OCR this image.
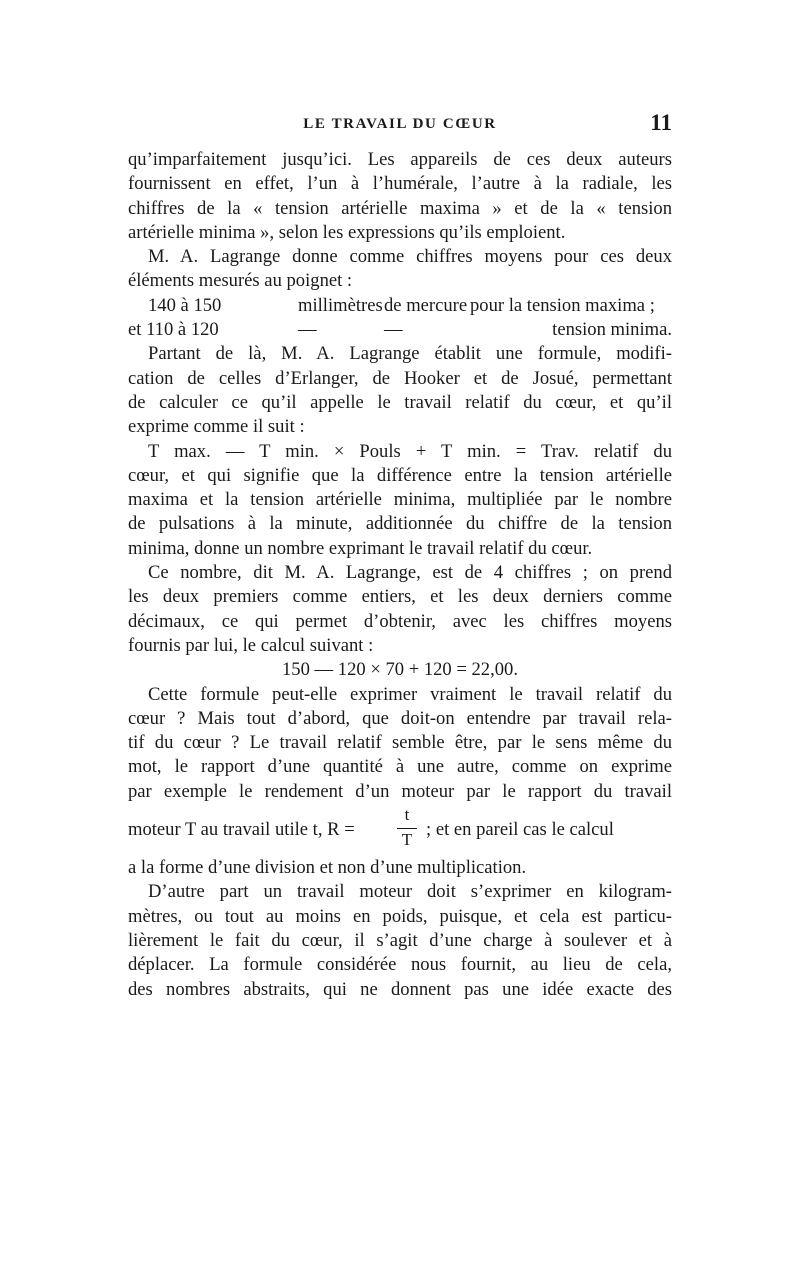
LE TRAVAIL DU CŒUR	11
qu’imparfaitement jusqu’ici. Les appareils de ces deux auteurs
fournissent en effet, l’un à l’humérale, l’autre à la radiale, les
chiffres de la « tension artérielle maxima » et de la « tension
artérielle minima », selon les expressions qu’ils emploient.
M. A. Lagrange donne comme chiffres moyens pour ces deux
éléments mesurés au poignet :
140 à 150	millimètres de mercure pour la tension maxima ;
et 110 à 120	—	—	tension minima.
Partant de là, M. A. Lagrange établit une formule, modifi-
cation de celles d’Erlanger, de Hooker et de Josué, permettant
de calculer ce qu’il appelle le travail relatif du cœur, et qu’il
exprime comme il suit :
T max. — T min. × Pouls + T min. = Trav. relatif du
cœur, et qui signifie que la différence entre la tension artérielle
maxima et la tension artérielle minima, multipliée par le nombre
de pulsations à la minute, additionnée du chiffre de la tension
minima, donne un nombre exprimant le travail relatif du cœur.
Ce nombre, dit M. A. Lagrange, est de 4 chiffres ; on prend
les deux premiers comme entiers, et les deux derniers comme
décimaux, ce qui permet d’obtenir, avec les chiffres moyens
fournis par lui, le calcul suivant :
150 — 120 × 70 + 120 = 22,00.
Cette formule peut-elle exprimer vraiment le travail relatif du
cœur ? Mais tout d’abord, que doit-on entendre par travail rela-
tif du cœur ? Le travail relatif semble être, par le sens même du
mot, le rapport d’une quantité à une autre, comme on exprime
par exemple le rendement d’un moteur par le rapport du travail
moteur T au travail utile t, R =
t
T ; et en pareil cas le calcul
a la forme d’une division et non d’une multiplication.
D’autre part un travail moteur doit s’exprimer en kilogram-
mètres, ou tout au moins en poids, puisque, et cela est particu-
lièrement le fait du cœur, il s’agit d’une charge à soulever et à
déplacer. La formule considérée nous fournit, au lieu de cela,
des nombres abstraits, qui ne donnent pas une idée exacte des
